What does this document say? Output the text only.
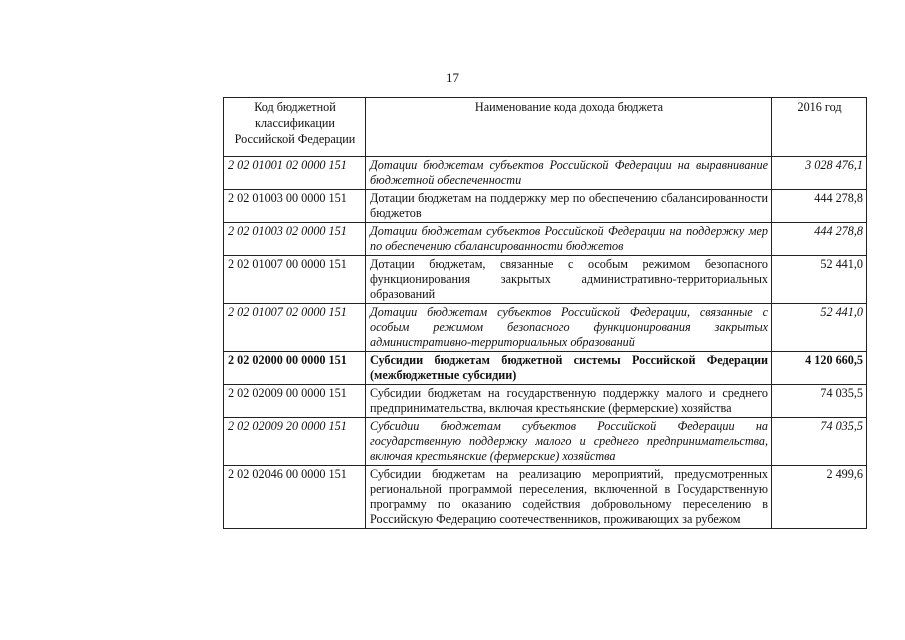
17
Код бюджетной классификации Российской Федерации	Наименование кода дохода бюджета	2016 год
2 02 01001 02 0000 151	Дотации бюджетам субъектов Российской Федерации на выравнивание бюджетной обеспеченности	3 028 476,1
2 02 01003 00 0000 151	Дотации бюджетам на поддержку мер по обеспечению сбалансированности бюджетов	444 278,8
2 02 01003 02 0000 151	Дотации бюджетам субъектов Российской Федерации на поддержку мер по обеспечению сбалансированности бюджетов	444 278,8
2 02 01007 00 0000 151	Дотации бюджетам, связанные с особым режимом безопасного функционирования закрытых административно-территориальных образований	52 441,0
2 02 01007 02 0000 151	Дотации бюджетам субъектов Российской Федерации, связанные с особым режимом безопасного функционирования закрытых административно-территориальных образований	52 441,0
2 02 02000 00 0000 151	Субсидии бюджетам бюджетной системы Российской Федерации (межбюджетные субсидии)	4 120 660,5
2 02 02009 00 0000 151	Субсидии бюджетам на государственную поддержку малого и среднего предпринимательства, включая крестьянские (фермерские) хозяйства	74 035,5
2 02 02009 20 0000 151	Субсидии бюджетам субъектов Российской Федерации на государственную поддержку малого и среднего предпринимательства, включая крестьянские (фермерские) хозяйства	74 035,5
2 02 02046 00 0000 151	Субсидии бюджетам на реализацию мероприятий, предусмотренных региональной программой переселения, включенной в Государственную программу по оказанию содействия добровольному переселению в Российскую Федерацию соотечественников, проживающих за рубежом	2 499,6
